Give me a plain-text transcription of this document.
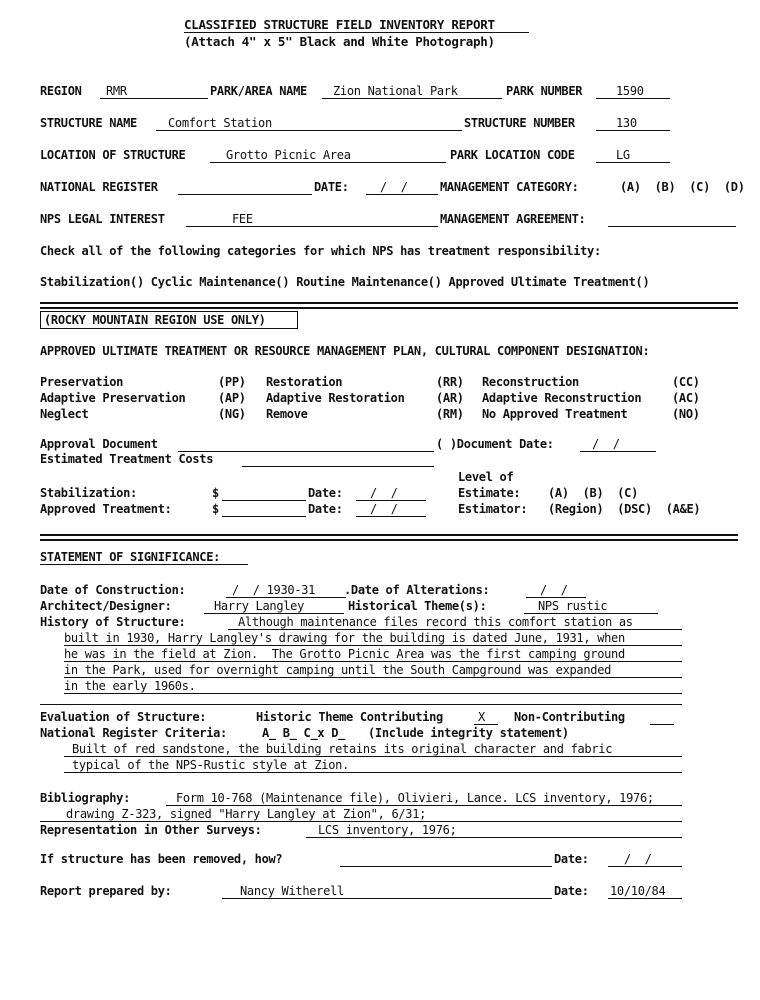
CLASSIFIED STRUCTURE FIELD INVENTORY REPORT
(Attach 4" x 5" Black and White Photograph)
REGION RMR	PARK/AREA NAME Zion National Park	PARK NUMBER	1590
STRUCTURE NAME	Comfort Station	STRUCTURE NUMBER	130
LOCATION OF STRUCTURE	Grotto Picnic Area	PARK LOCATION CODE	LG
NATIONAL REGISTER	DATE:	/  /	MANAGEMENT CATEGORY:	(A)  (B)  (C)  (D)
NPS LEGAL INTEREST	FEE	MANAGEMENT AGREEMENT:
Check all of the following categories for which NPS has treatment responsibility:
Stabilization() Cyclic Maintenance() Routine Maintenance() Approved Ultimate Treatment()
(ROCKY MOUNTAIN REGION USE ONLY)
APPROVED ULTIMATE TREATMENT OR RESOURCE MANAGEMENT PLAN, CULTURAL COMPONENT DESIGNATION:
Preservation	(PP) Restoration	(RR) Reconstruction	(CC)
Adaptive Preservation	(AP) Adaptive Restoration	(AR) Adaptive Reconstruction	(AC)
Neglect	(NG) Remove	(RM) No Approved Treatment	(NO)
Approval Document	( )Document Date:	/  /
Estimated Treatment Costs
Level of
Stabilization:	$	Date: /  /	Estimate: (A)  (B)  (C)
Approved Treatment:	$	Date: /  /	Estimator: (Region)  (DSC)  (A&E)
STATEMENT OF SIGNIFICANCE:
Date of Construction:	/  / 1930-31 .Date of Alterations:	/  /
Architect/Designer:	Harry Langley	Historical Theme(s):	NPS rustic
History of Structure:	Although maintenance files record this comfort station as
built in 1930, Harry Langley's drawing for the building is dated June, 1931, when
he was in the field at Zion.  The Grotto Picnic Area was the first camping ground
in the Park, used for overnight camping until the South Campground was expanded
in the early 1960s.
Evaluation of Structure:	Historic Theme Contributing	X Non-Contributing
National Register Criteria:	A_ B_ C_x D_ (Include integrity statement)
Built of red sandstone, the building retains its original character and fabric
typical of the NPS-Rustic style at Zion.
Bibliography:	Form 10-768 (Maintenance file), Olivieri, Lance. LCS inventory, 1976;
drawing Z-323, signed "Harry Langley at Zion", 6/31;
Representation in Other Surveys:	LCS inventory, 1976;
If structure has been removed, how?	Date:	/  /
Report prepared by:	Nancy Witherell	Date: 10/10/84
